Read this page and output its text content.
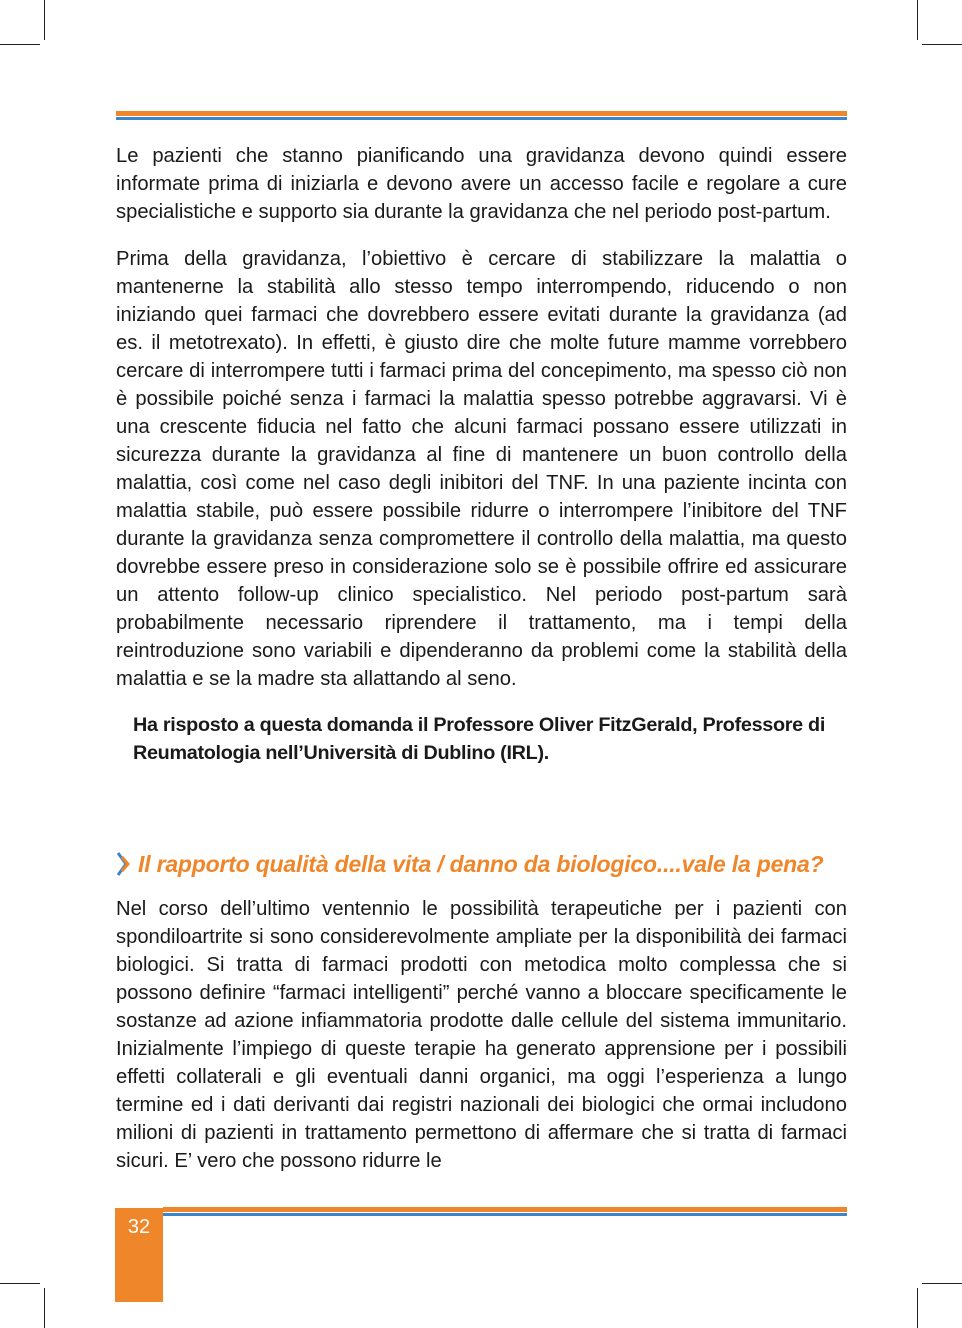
Le pazienti che stanno pianificando una gravidanza devono quindi essere informate prima di iniziarla e devono avere un accesso facile e regolare a cure specialistiche e supporto sia durante la gravidanza che nel periodo post-partum.

Prima della gravidanza, l’obiettivo è cercare di stabilizzare la malattia o mantenerne la stabilità allo stesso tempo interrompendo, riducendo o non iniziando quei farmaci che dovrebbero essere evitati durante la gravidanza (ad es. il metotrexato). In effetti, è giusto dire che molte future mamme vorrebbero cercare di interrompere tutti i farmaci prima del concepimento, ma spesso ciò non è possibile poiché senza i farmaci la malattia spesso potrebbe aggravarsi. Vi è una crescente fiducia nel fatto che alcuni farmaci possano essere utilizzati in sicurezza durante la gravidanza al fine di mantenere un buon controllo della malattia, così come nel caso degli inibitori del TNF. In una paziente incinta con malattia stabile, può essere possibile ridurre o interrompere l’inibitore del TNF durante la gravidanza senza compromettere il controllo della malattia, ma questo dovrebbe essere preso in considerazione solo se è possibile offrire ed assicurare un attento follow-up clinico specialistico. Nel periodo post-partum sarà probabilmente necessario riprendere il trattamento, ma i tempi della reintroduzione sono variabili e dipenderanno da problemi come la stabilità della malattia e se la madre sta allattando al seno.

Ha risposto a questa domanda il Professore Oliver FitzGerald, Professore di Reumatologia nell’Università di Dublino (IRL).
Il rapporto qualità della vita / danno da biologico....vale la pena?

Nel corso dell’ultimo ventennio le possibilità terapeutiche per i pazienti con spondiloartrite si sono considerevolmente ampliate per la disponibilità dei farmaci biologici. Si tratta di farmaci prodotti con metodica molto complessa che si possono definire “farmaci intelligenti” perché vanno a bloccare specificamente le sostanze ad azione infiammatoria prodotte dalle cellule del sistema immunitario. Inizialmente l’impiego di queste terapie ha generato apprensione per i possibili effetti collaterali e gli eventuali danni organici, ma oggi l’esperienza a lungo termine ed i dati derivanti dai registri nazionali dei biologici che ormai includono milioni di pazienti in trattamento permettono di affermare che si tratta di farmaci sicuri. E’ vero che possono ridurre le

32
